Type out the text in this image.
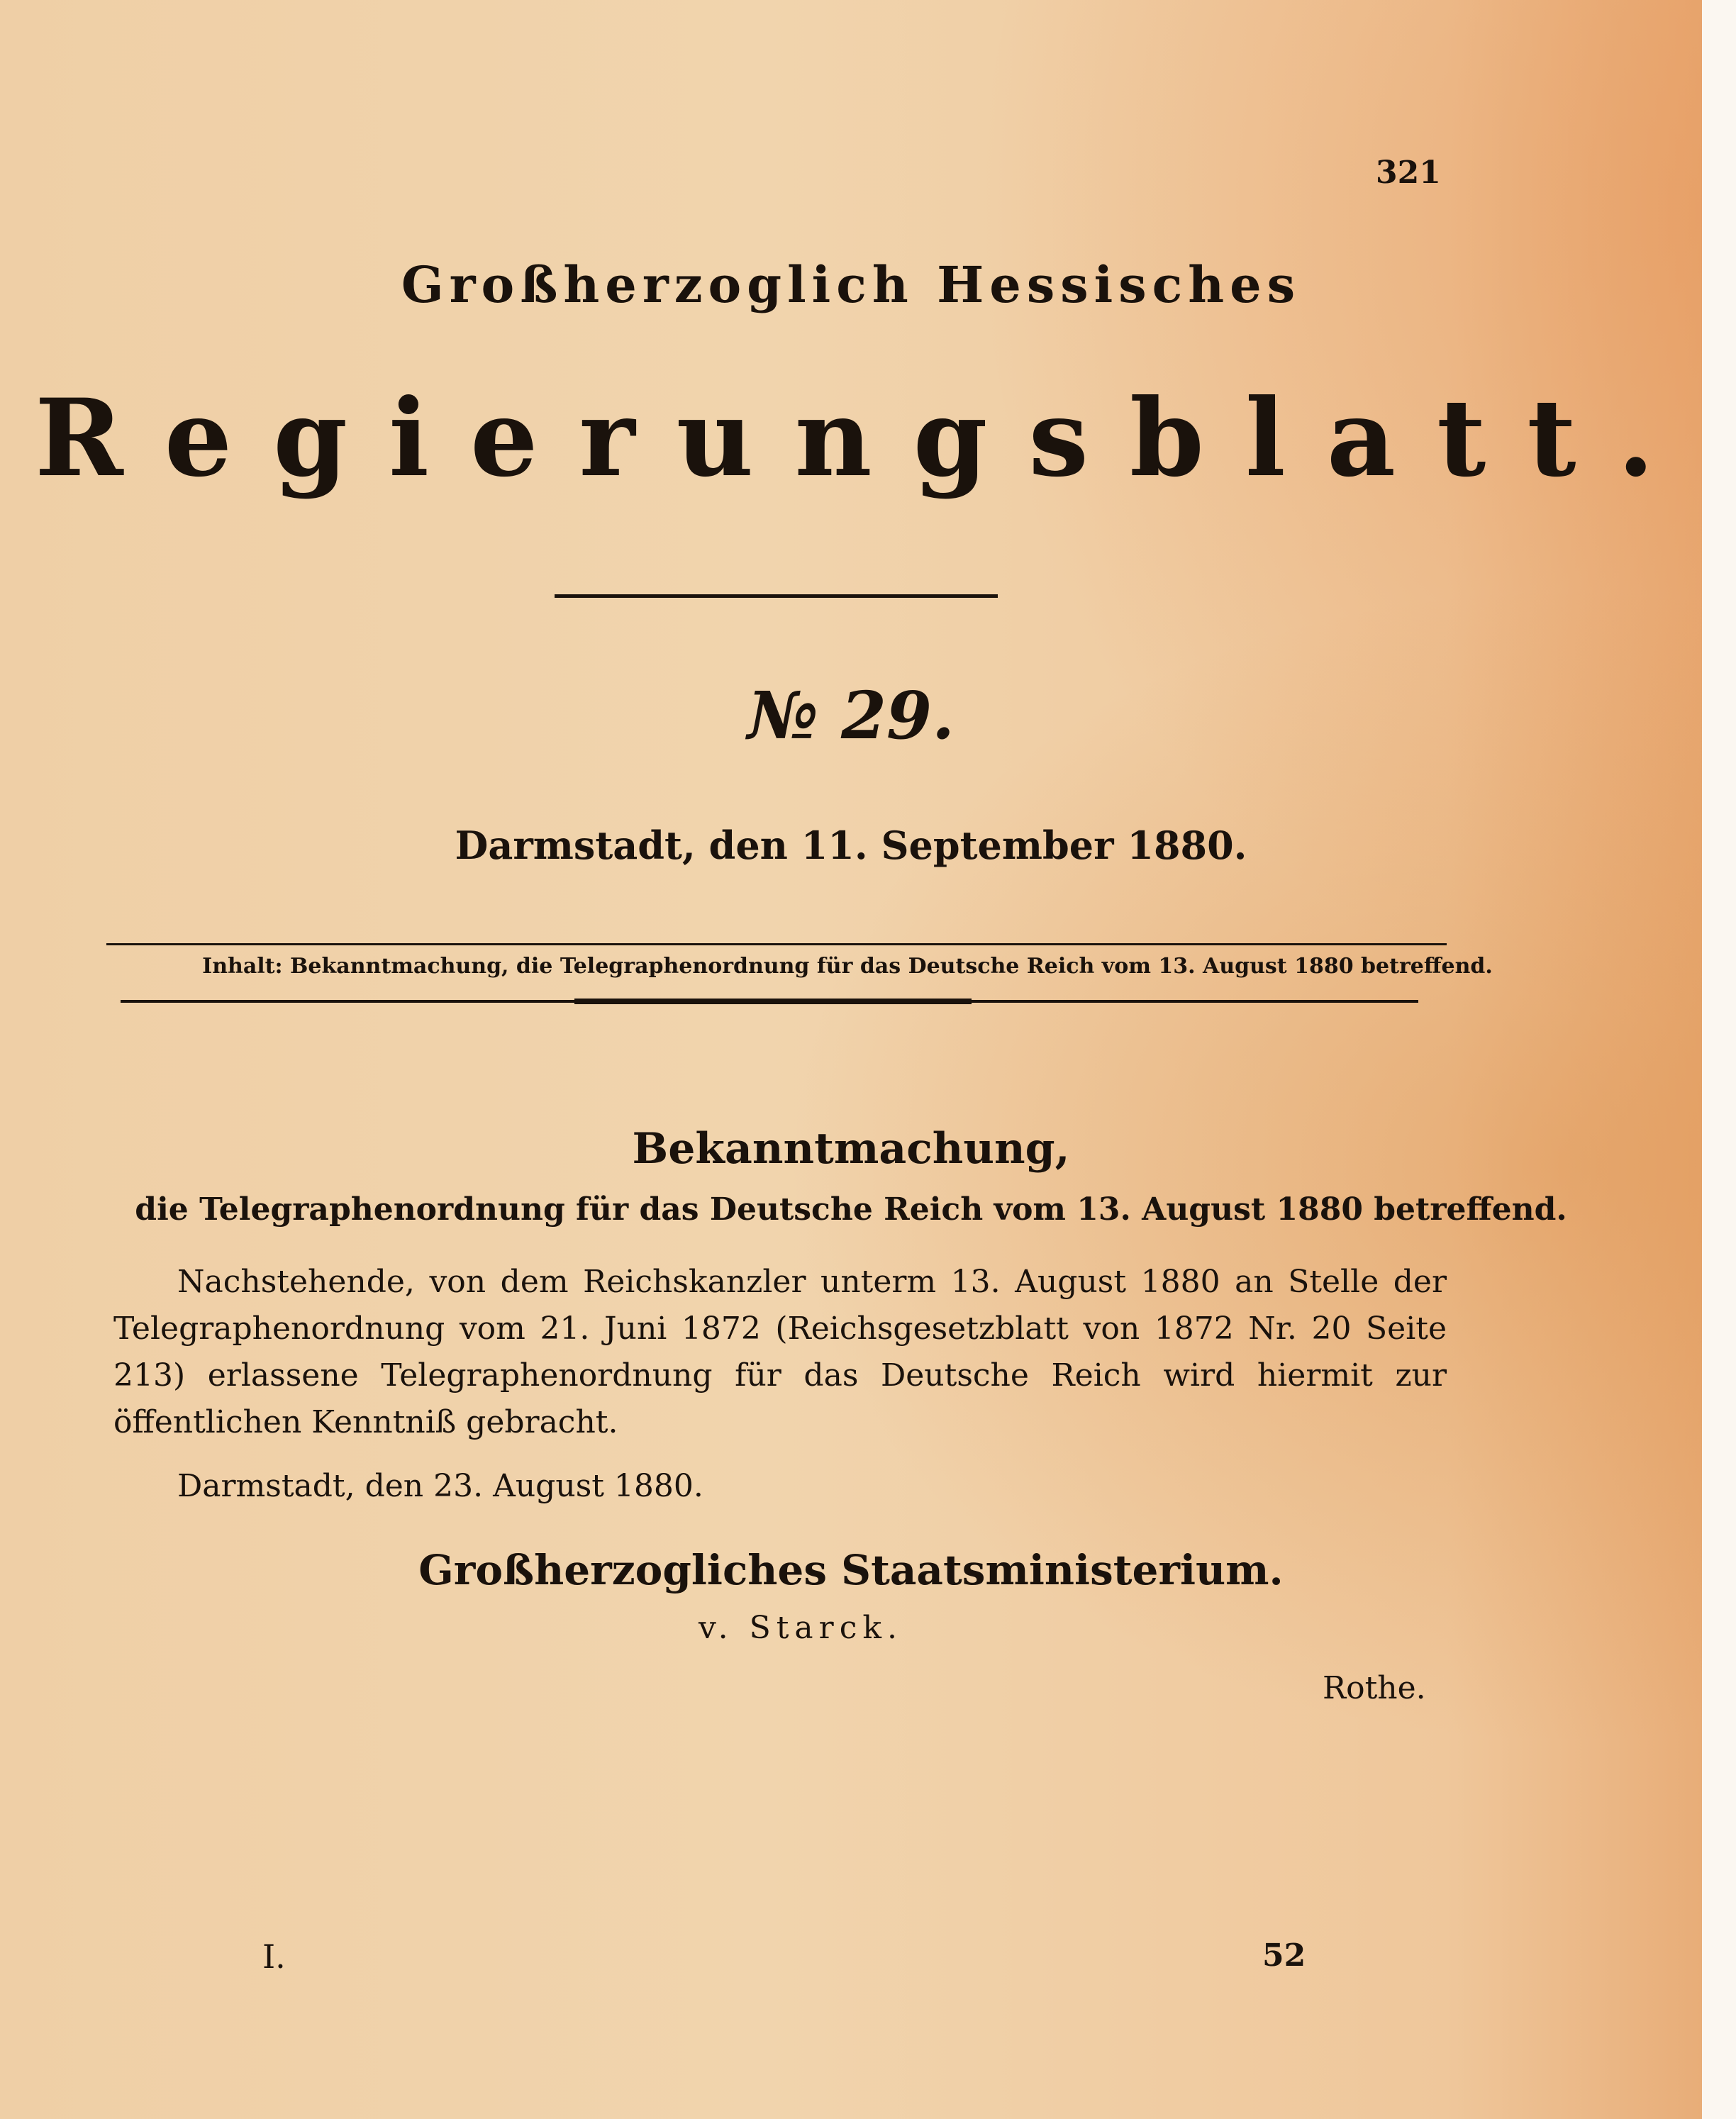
321
Großherzoglich Hessisches
Regierungsblatt.
№ 29.
Darmstadt, den 11. September 1880.
Inhalt: Bekanntmachung, die Telegraphenordnung für das Deutsche Reich vom 13. August 1880 betreffend.
Bekanntmachung,
die Telegraphenordnung für das Deutsche Reich vom 13. August 1880 betreffend.
Nachstehende, von dem Reichskanzler unterm 13. August 1880 an Stelle der Telegraphenordnung vom 21. Juni 1872 (Reichsgesetzblatt von 1872 Nr. 20 Seite 213) erlassene Telegraphenordnung für das Deutsche Reich wird hiermit zur öffentlichen Kenntniß gebracht.
Darmstadt, den 23. August 1880.
Großherzogliches Staatsministerium.
v. Starck.
Rothe.
I.	52
